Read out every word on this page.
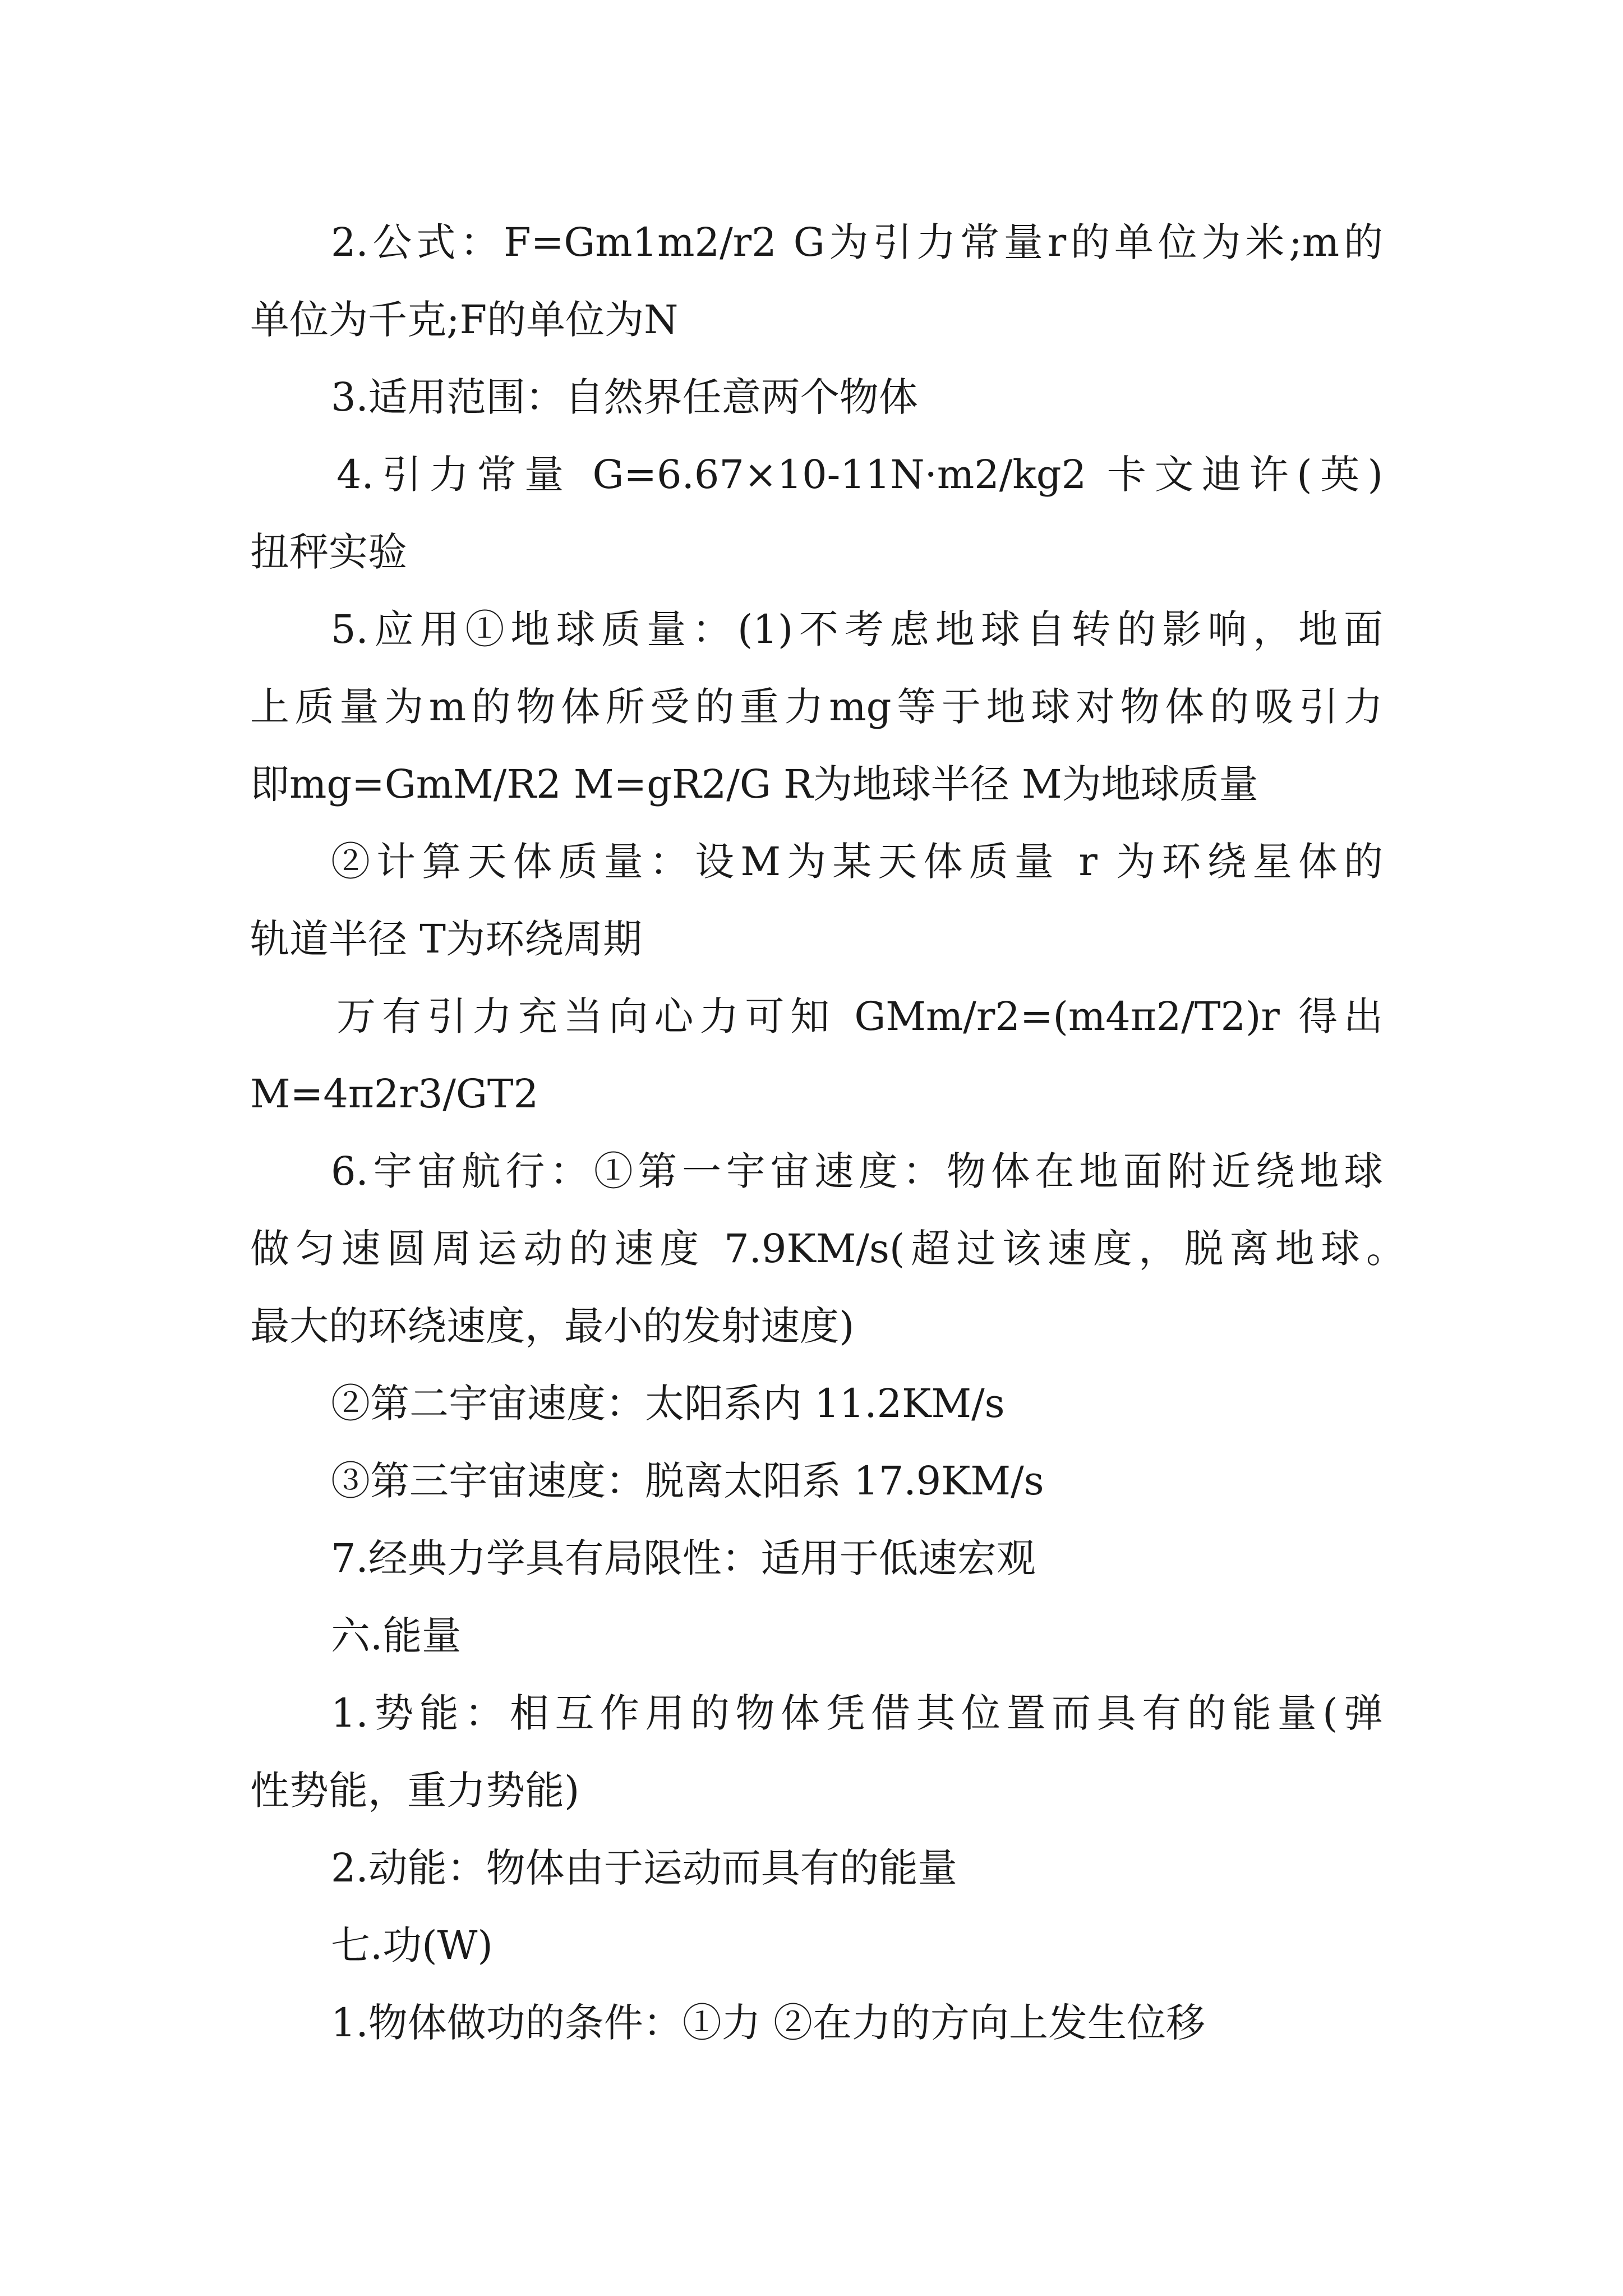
2.公式：F=Gm1m2/r2 G为引力常量r的单位为米;m的

单位为千克;F的单位为N

3.适用范围：自然界任意两个物体

4.引力常量 G=6.67×10-11N·m2/kg2 卡文迪许(英)

扭秤实验

5.应用①地球质量：(1)不考虑地球自转的影响，地面

上质量为m的物体所受的重力mg等于地球对物体的吸引力

即mg=GmM/R2 M=gR2/G R为地球半径 M为地球质量

②计算天体质量：设M为某天体质量 r 为环绕星体的

轨道半径 T为环绕周期

万有引力充当向心力可知 GMm/r2=(m4π2/T2)r 得出

M=4π2r3/GT2

6.宇宙航行：①第一宇宙速度：物体在地面附近绕地球

做匀速圆周运动的速度 7.9KM/s(超过该速度，脱离地球。

最大的环绕速度，最小的发射速度)

②第二宇宙速度：太阳系内 11.2KM/s

③第三宇宙速度：脱离太阳系 17.9KM/s

7.经典力学具有局限性：适用于低速宏观

六.能量

1.势能：相互作用的物体凭借其位置而具有的能量(弹

性势能，重力势能)

2.动能：物体由于运动而具有的能量

七.功(W)

1.物体做功的条件：①力 ②在力的方向上发生位移
